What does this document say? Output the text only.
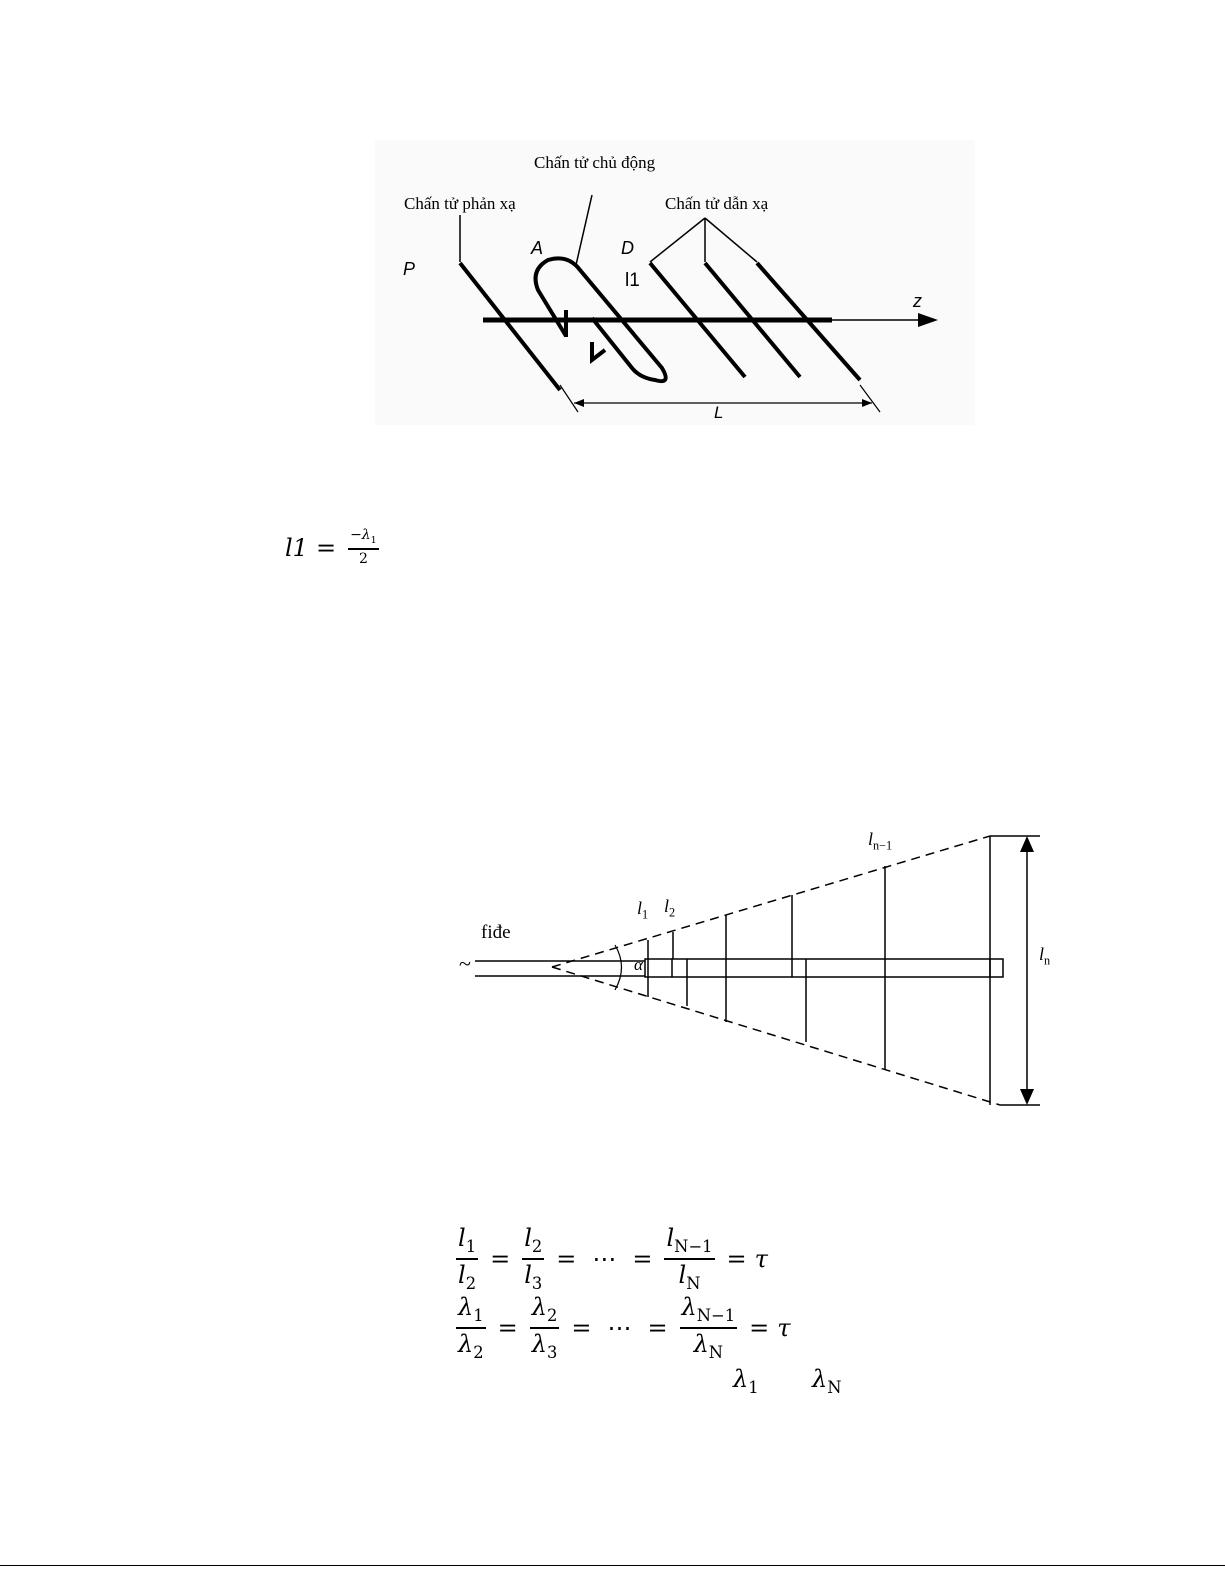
Chấn tử chủ động
Chấn tử phản xạ	Chấn tử dẫn xạ
P
A	D
l1
z
L
$l1 = \frac{-\lambda_1}{2}$
fiđe
~	α
$l_1$ $l_2$
$l_{n-1}$
$l_n$
$\frac{l_1}{l_2} = \frac{l_2}{l_3}$ = ⋯ = $\frac{l_{N-1}}{l_N} = \tau$
$\frac{\lambda_1}{\lambda_2} = \frac{\lambda_2}{\lambda_3}$ = ⋯ = $\frac{\lambda_{N-1}}{\lambda_N} = \tau$
$\lambda_1$ $\lambda_N$
